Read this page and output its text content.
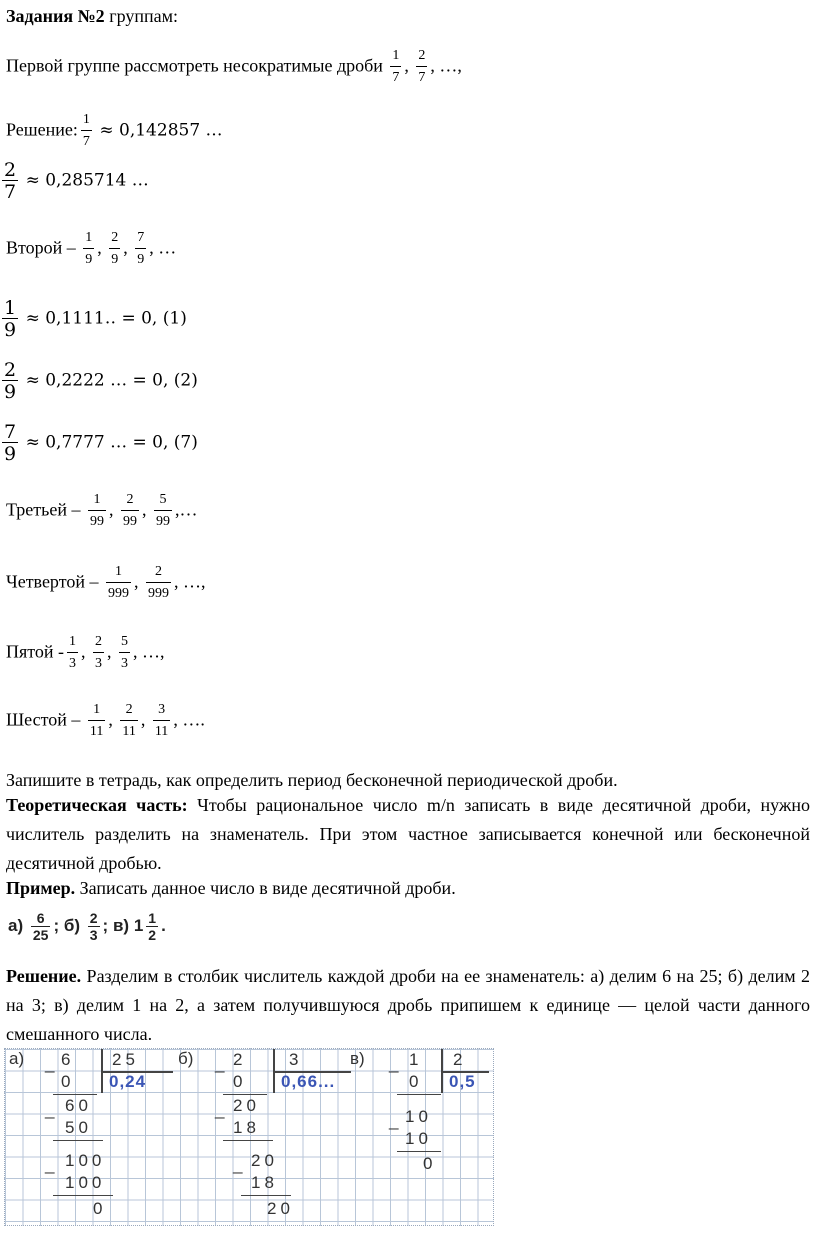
Задания №2 группам:
Первой группе рассмотреть несократимые дроби $\frac{1}{7}$ , $\frac{2}{7}$ , …,
Решение: $\frac{1}{7} \approx 0,142857$ …
$\frac{2}{7} \approx 0,285714$ …
Второй – $\frac{1}{9}$ , $\frac{2}{9}$ , $\frac{7}{9}$ , …
$\frac{1}{9}$ ≈ 0,1111‥ = 0, (1)
$\frac{2}{9} \approx 0,2222$ … = 0, (2)
$\frac{7}{9} \approx 0,7777$ … = 0, (7)
Третьей – $\frac{1}{99}$ , $\frac{2}{99}$ , $\frac{5}{99}$ ,…
Четвертой – $\frac{1}{999}$ , $\frac{2}{999}$ , …,
Пятой - $\frac{1}{3}$ , $\frac{2}{3}$ , $\frac{5}{3}$ , …,
Шестой – $\frac{1}{11}$ , $\frac{2}{11}$ , $\frac{3}{11}$ , ….
Запишите в тетрадь, как определить период бесконечной периодической дроби.
Теоретическая часть: Чтобы рациональное число m/n записать в виде десятичной дроби, нужно числитель разделить на знаменатель. При этом частное записывается конечной или бесконечной десятичной дробью.
Пример. Записать данное число в виде десятичной дроби.
$а) \frac{6}{25}$ ; $б) \frac{2}{3}$ ; в) $1 \frac{1}{2}$ .
Решение. Разделим в столбик числитель каждой дроби на ее знаменатель: а) делим 6 на 25; б) делим 2 на 3; в) делим 1 на 2, а затем получившуюся дробь припишем к единице — целой части данного смешанного числа.
а) 6 25
0 0,24
60
50
100
100
0
_
_
_
б) 2	3
0 0,66...
20
18
20
18
20
_
_
_
в)	1 2
0 0,5
10
10
0
_
_
